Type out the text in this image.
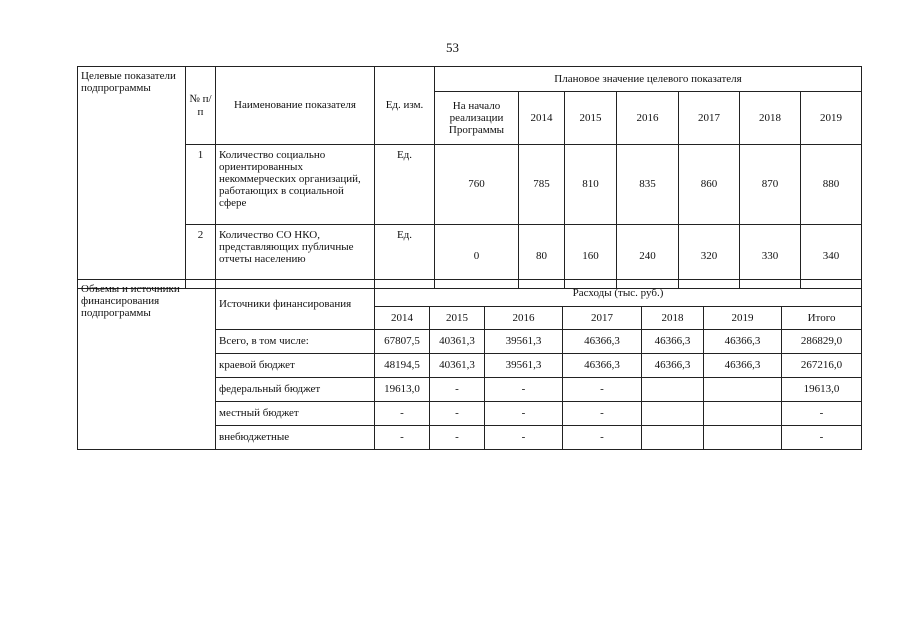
53
Целевые показатели подпрограммы	№ п/п	Наименование показателя	Ед. изм.	Плановое значение целевого показателя						
				На начало реализации Программы	2014	2015	2016	2017	2018	2019
	1	Количество социально ориентированных некоммерческих организаций, работающих в социальной сфере	Ед.	760	785	810	835	860	870	880
	2	Количество СО НКО, представляющих публичные отчеты населению	Ед.	0	80	160	240	320	330	340
Объемы и источники финансирования подпрограммы	Источники финансирования	Расходы (тыс. руб.)						
		2014	2015	2016	2017	2018	2019	Итого
	Всего, в том числе:	67807,5	40361,3	39561,3	46366,3	46366,3	46366,3	286829,0
	краевой бюджет	48194,5	40361,3	39561,3	46366,3	46366,3	46366,3	267216,0
	федеральный бюджет	19613,0	-	-	-			19613,0
	местный бюджет	-	-	-	-			-
	внебюджетные	-	-	-	-			-
